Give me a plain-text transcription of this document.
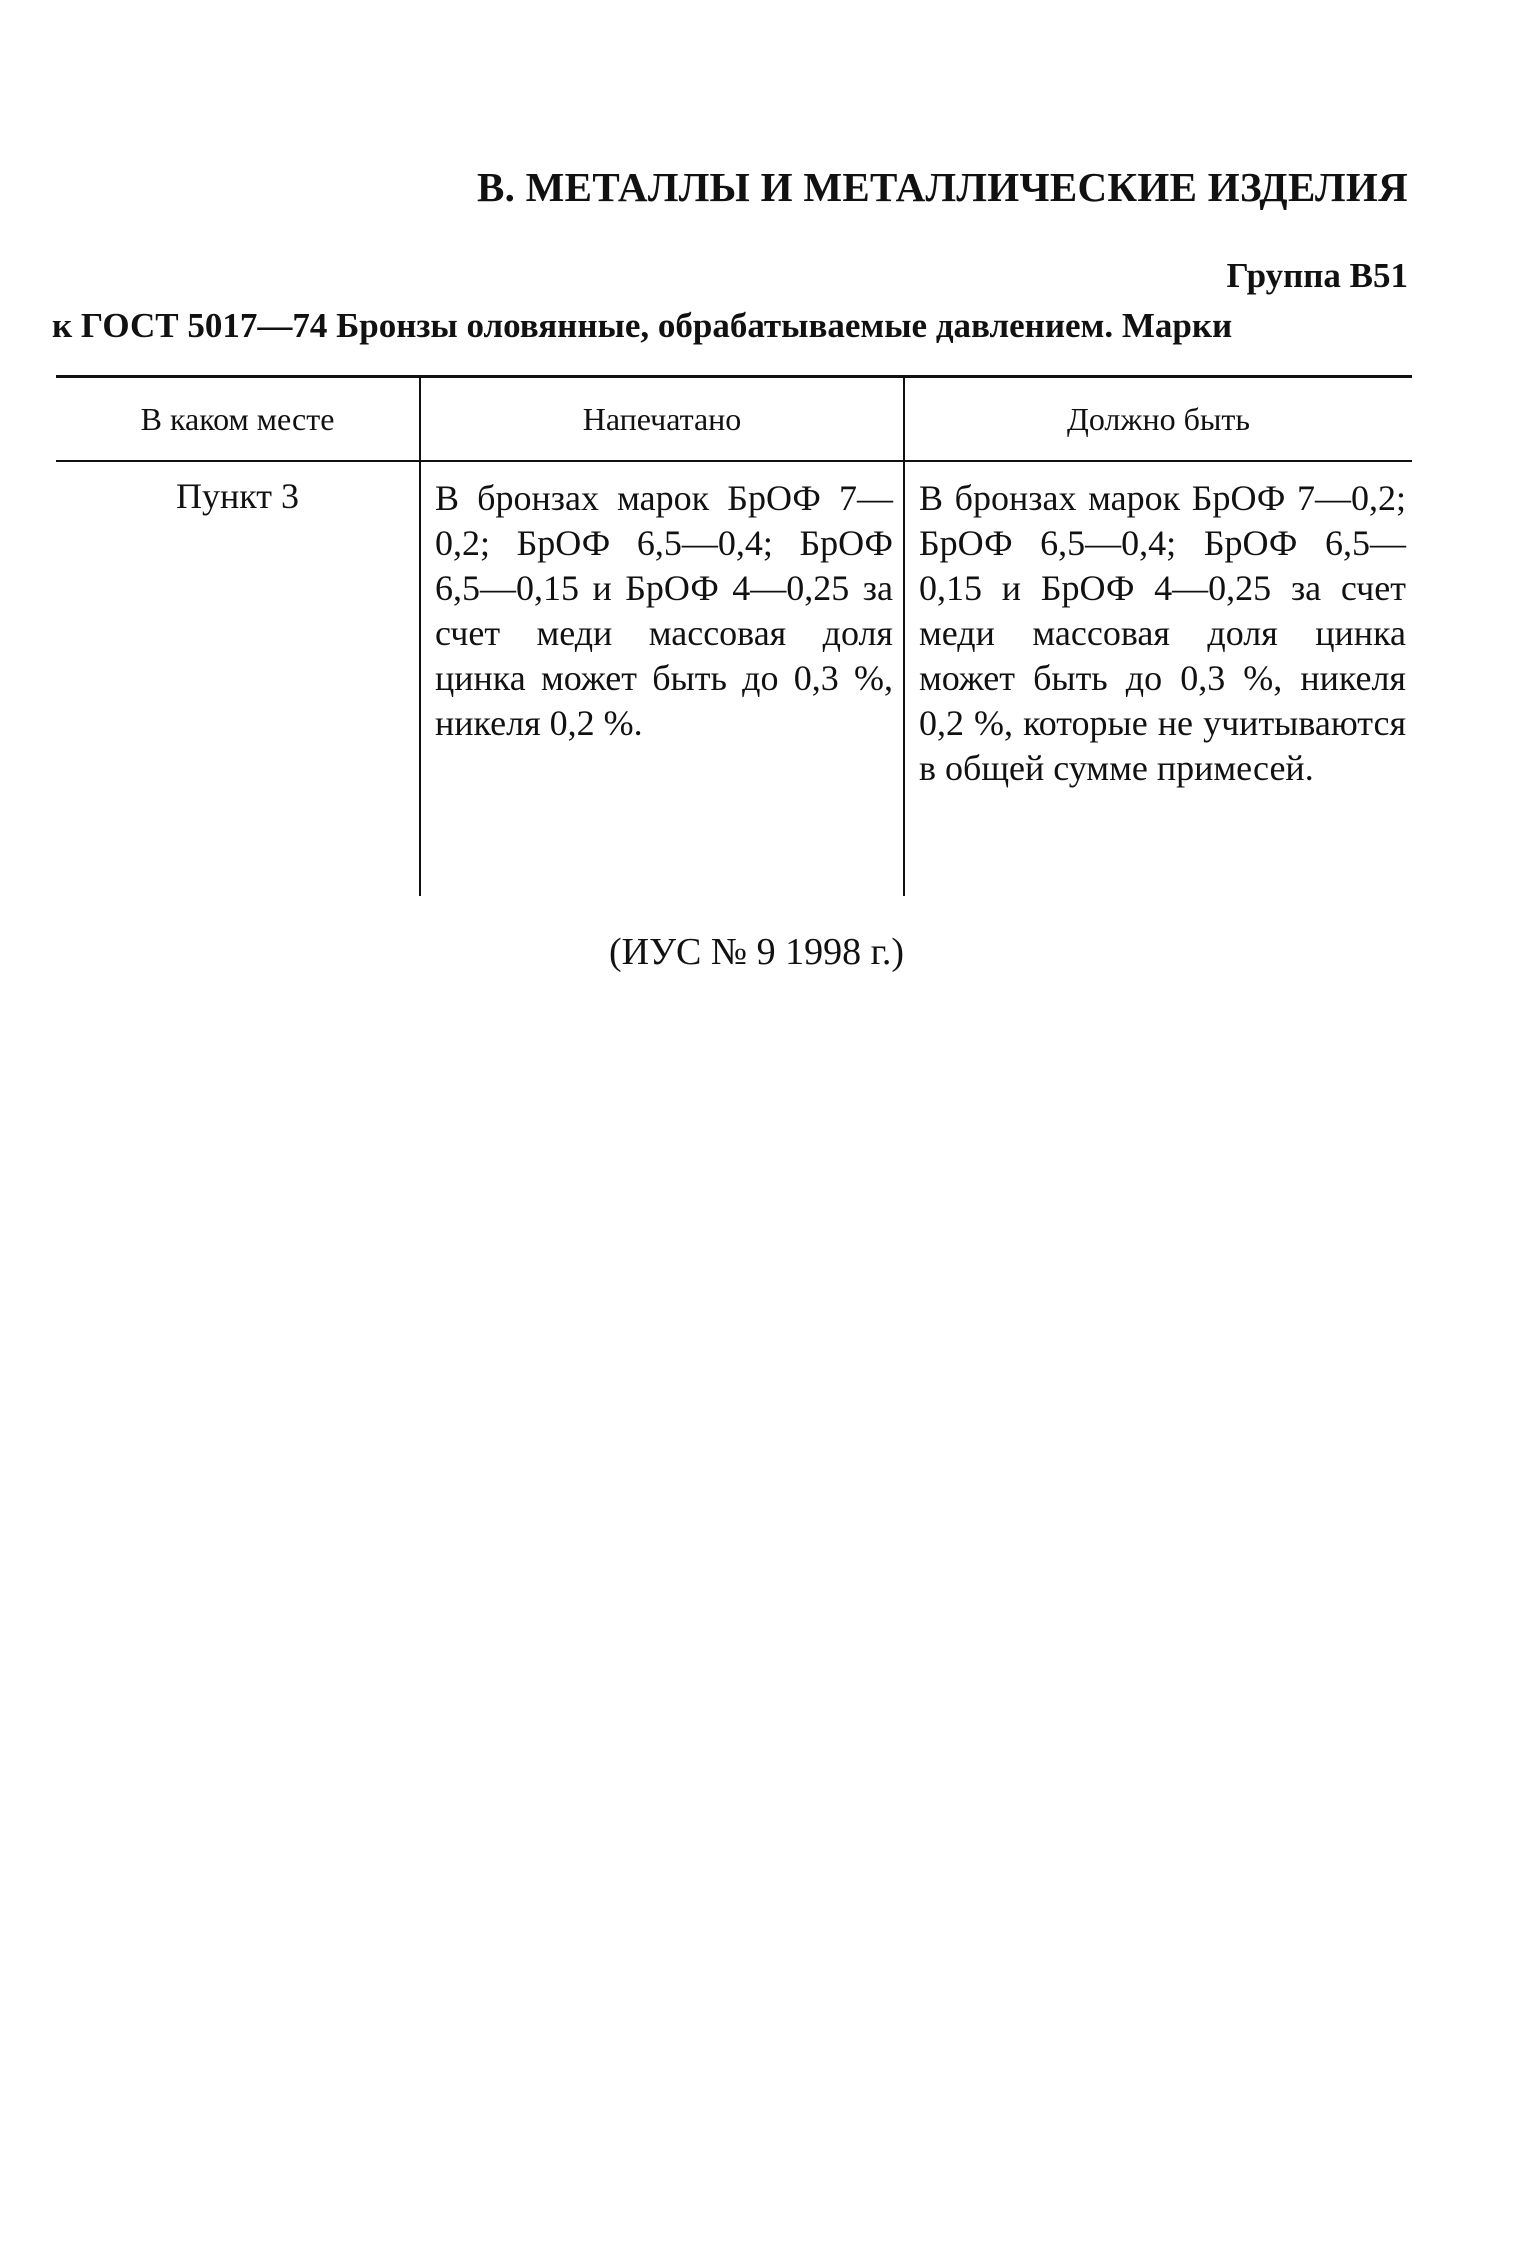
В. МЕТАЛЛЫ И МЕТАЛЛИЧЕСКИЕ ИЗДЕЛИЯ

Группа В51

к ГОСТ 5017—74 Бронзы оловянные, обрабатываемые давлением. Марки

В каком месте	Напечатано	Должно быть
Пункт 3	В бронзах марок БрОФ 7—0,2; БрОФ 6,5—0,4; БрОФ 6,5—0,15 и БрОФ 4—0,25 за счет меди массовая доля цинка может быть до 0,3 %, никеля 0,2 %.	В бронзах марок БрОФ 7—0,2; БрОФ 6,5—0,4; БрОФ 6,5—0,15 и БрОФ 4—0,25 за счет меди массовая доля цинка может быть до 0,3 %, никеля 0,2 %, которые не учитываются в общей сумме примесей.

(ИУС № 9 1998 г.)
